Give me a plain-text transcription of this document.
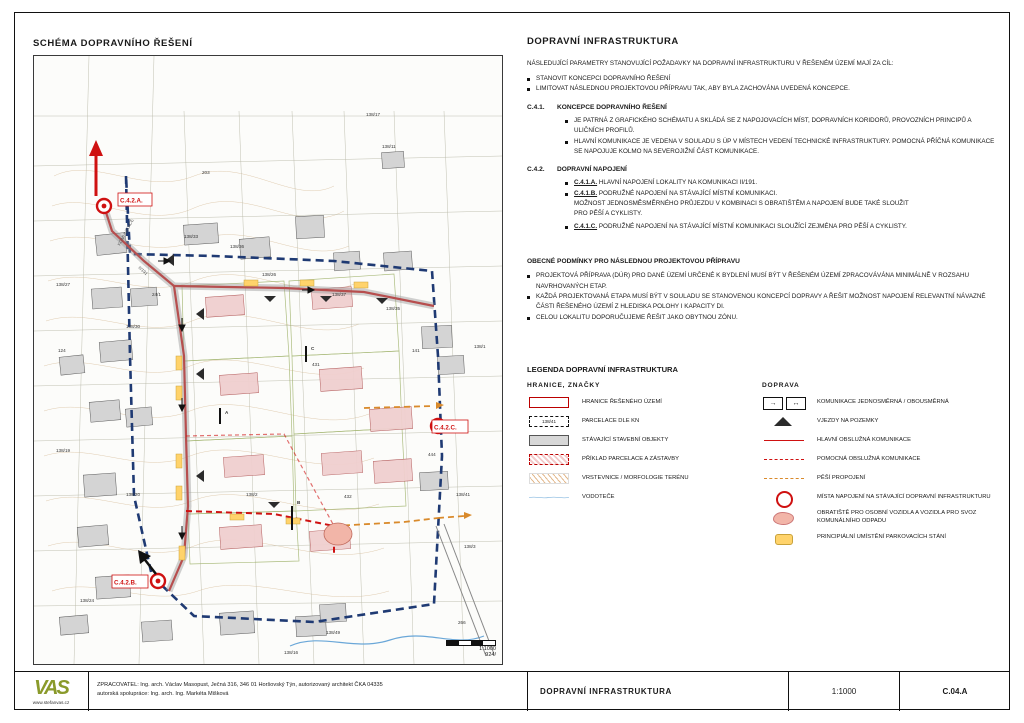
SCHÉMA DOPRAVNÍHO ŘEŠENÍ
A
B
C
C.4.2.A.
C.4.2.C.
C.4.2.B.
138/33
138/36
138/26
138/27
138/30
138/19
138/20
138/24
138/37
138/35
138/1
138/41
138/49
138/16
138/11
138/17
203
24/1
431
432
444
141
266
138/2
124
138/3
II/191
KOMUNIKACE
1:1000
924/
DOPRAVNÍ INFRASTRUKTURA

NÁSLEDUJÍCÍ PARAMETRY STANOVUJÍCÍ POŽADAVKY NA DOPRAVNÍ INFRASTRUKTURU V ŘEŠENÉM ÚZEMÍ MAJÍ ZA CÍL:

STANOVIT KONCEPCI DOPRAVNÍHO ŘEŠENÍ
LIMITOVAT NÁSLEDNOU PROJEKTOVOU PŘÍPRAVU TAK, ABY BYLA ZACHOVÁNA UVEDENÁ KONCEPCE.
C.4.1. KONCEPCE DOPRAVNÍHO ŘEŠENÍ
JE PATRNÁ Z GRAFICKÉHO SCHÉMATU A SKLÁDÁ SE Z NAPOJOVACÍCH MÍST, DOPRAVNÍCH KORIDORŮ, PROVOZNÍCH PRINCIPŮ A ULIČNÍCH PROFILŮ.
HLAVNÍ KOMUNIKACE JE VEDENA V SOULADU S ÚP V MÍSTECH VEDENÍ TECHNICKÉ INFRASTRUKTURY. POMOCNÁ PŘÍČNÁ KOMUNIKACE SE NAPOJUJE KOLMO NA SEVEROJIŽNÍ ČÁST KOMUNIKACE.
C.4.2. DOPRAVNÍ NAPOJENÍ
C.4.1.A. HLAVNÍ NAPOJENÍ LOKALITY NA KOMUNIKACI II/191.
C.4.1.B. PODRUŽNÉ NAPOJENÍ NA STÁVAJÍCÍ MÍSTNÍ KOMUNIKACI.

MOŽNOST JEDNOSMĚSMĚRNÉHO PRŮJEZDU V KOMBINACI S OBRATIŠTĚM A NAPOJENÍ BUDE TAKÉ SLOUŽIT

PRO PĚŠÍ A CYKLISTY.

C.4.1.C. PODRUŽNÉ NAPOJENÍ NA STÁVAJÍCÍ MÍSTNÍ KOMUNIKACI SLOUŽÍCÍ ZEJMÉNA PRO PĚŠÍ A CYKLISTY.
OBECNÉ PODMÍNKY PRO NÁSLEDNOU PROJEKTOVOU PŘÍPRAVU
PROJEKTOVÁ PŘÍPRAVA (DÚR) PRO DANÉ ÚZEMÍ URČENÉ K BYDLENÍ MUSÍ BÝT V ŘEŠENÉM ÚZEMÍ ZPRACOVÁVÁNA MINIMÁLNĚ V ROZSAHU NAVRHOVANÝCH ETAP.
KAŽDÁ PROJEKTOVANÁ ETAPA MUSÍ BÝT V SOULADU SE STANOVENOU KONCEPCÍ DOPRAVY A ŘEŠIT MOŽNOST NAPOJENÍ RELEVANTNÍ NÁVAZNÉ ČÁSTI ŘEŠENÉHO ÚZEMÍ Z HLEDISKA POLOHY I KAPACITY DI.
CELOU LOKALITU DOPORUČUJEME ŘEŠIT JAKO OBYTNOU ZÓNU.
LEGENDA DOPRAVNÍ INFRASTRUKTURA
HRANICE, ZNAČKY
HRANICE ŘEŠENÉHO ÚZEMÍ
138/41	PARCELACE DLE KN
STÁVAJÍCÍ STAVEBNÍ OBJEKTY
PŘÍKLAD PARCELACE A ZÁSTAVBY
VRSTEVNICE / MORFOLOGIE TERÉNU
VODOTEČE
DOPRAVA
→	↔	KOMUNIKACE JEDNOSMĚRNÁ / OBOUSMĚRNÁ
VJEZDY NA POZEMKY
HLAVNÍ OBSLUŽNÁ KOMUNIKACE
POMOCNÁ OBSLUŽNÁ KOMUNIKACE
PĚŠÍ PROPOJENÍ
MÍSTA NAPOJENÍ NA STÁVAJÍCÍ DOPRAVNÍ INFRASTRUKTURU
OBRATIŠTĚ PRO OSOBNÍ VOZIDLA A VOZIDLA PRO SVOZ KOMUNÁLNÍHO ODPADU
PRINCIPIÁLNÍ UMÍSTĚNÍ PARKOVACÍCH STÁNÍ
VAS
www.stefanvas.cz
ZPRACOVATEL: Ing. arch. Václav Masopust, Ječná 316, 346 01 Horšovský Týn, autorizovaný architekt ČKA 04335
autorská spolupráce: Ing. arch. Ing. Markéta Mišková	DOPRAVNÍ INFRASTRUKTURA	1:1000	C.04.A
